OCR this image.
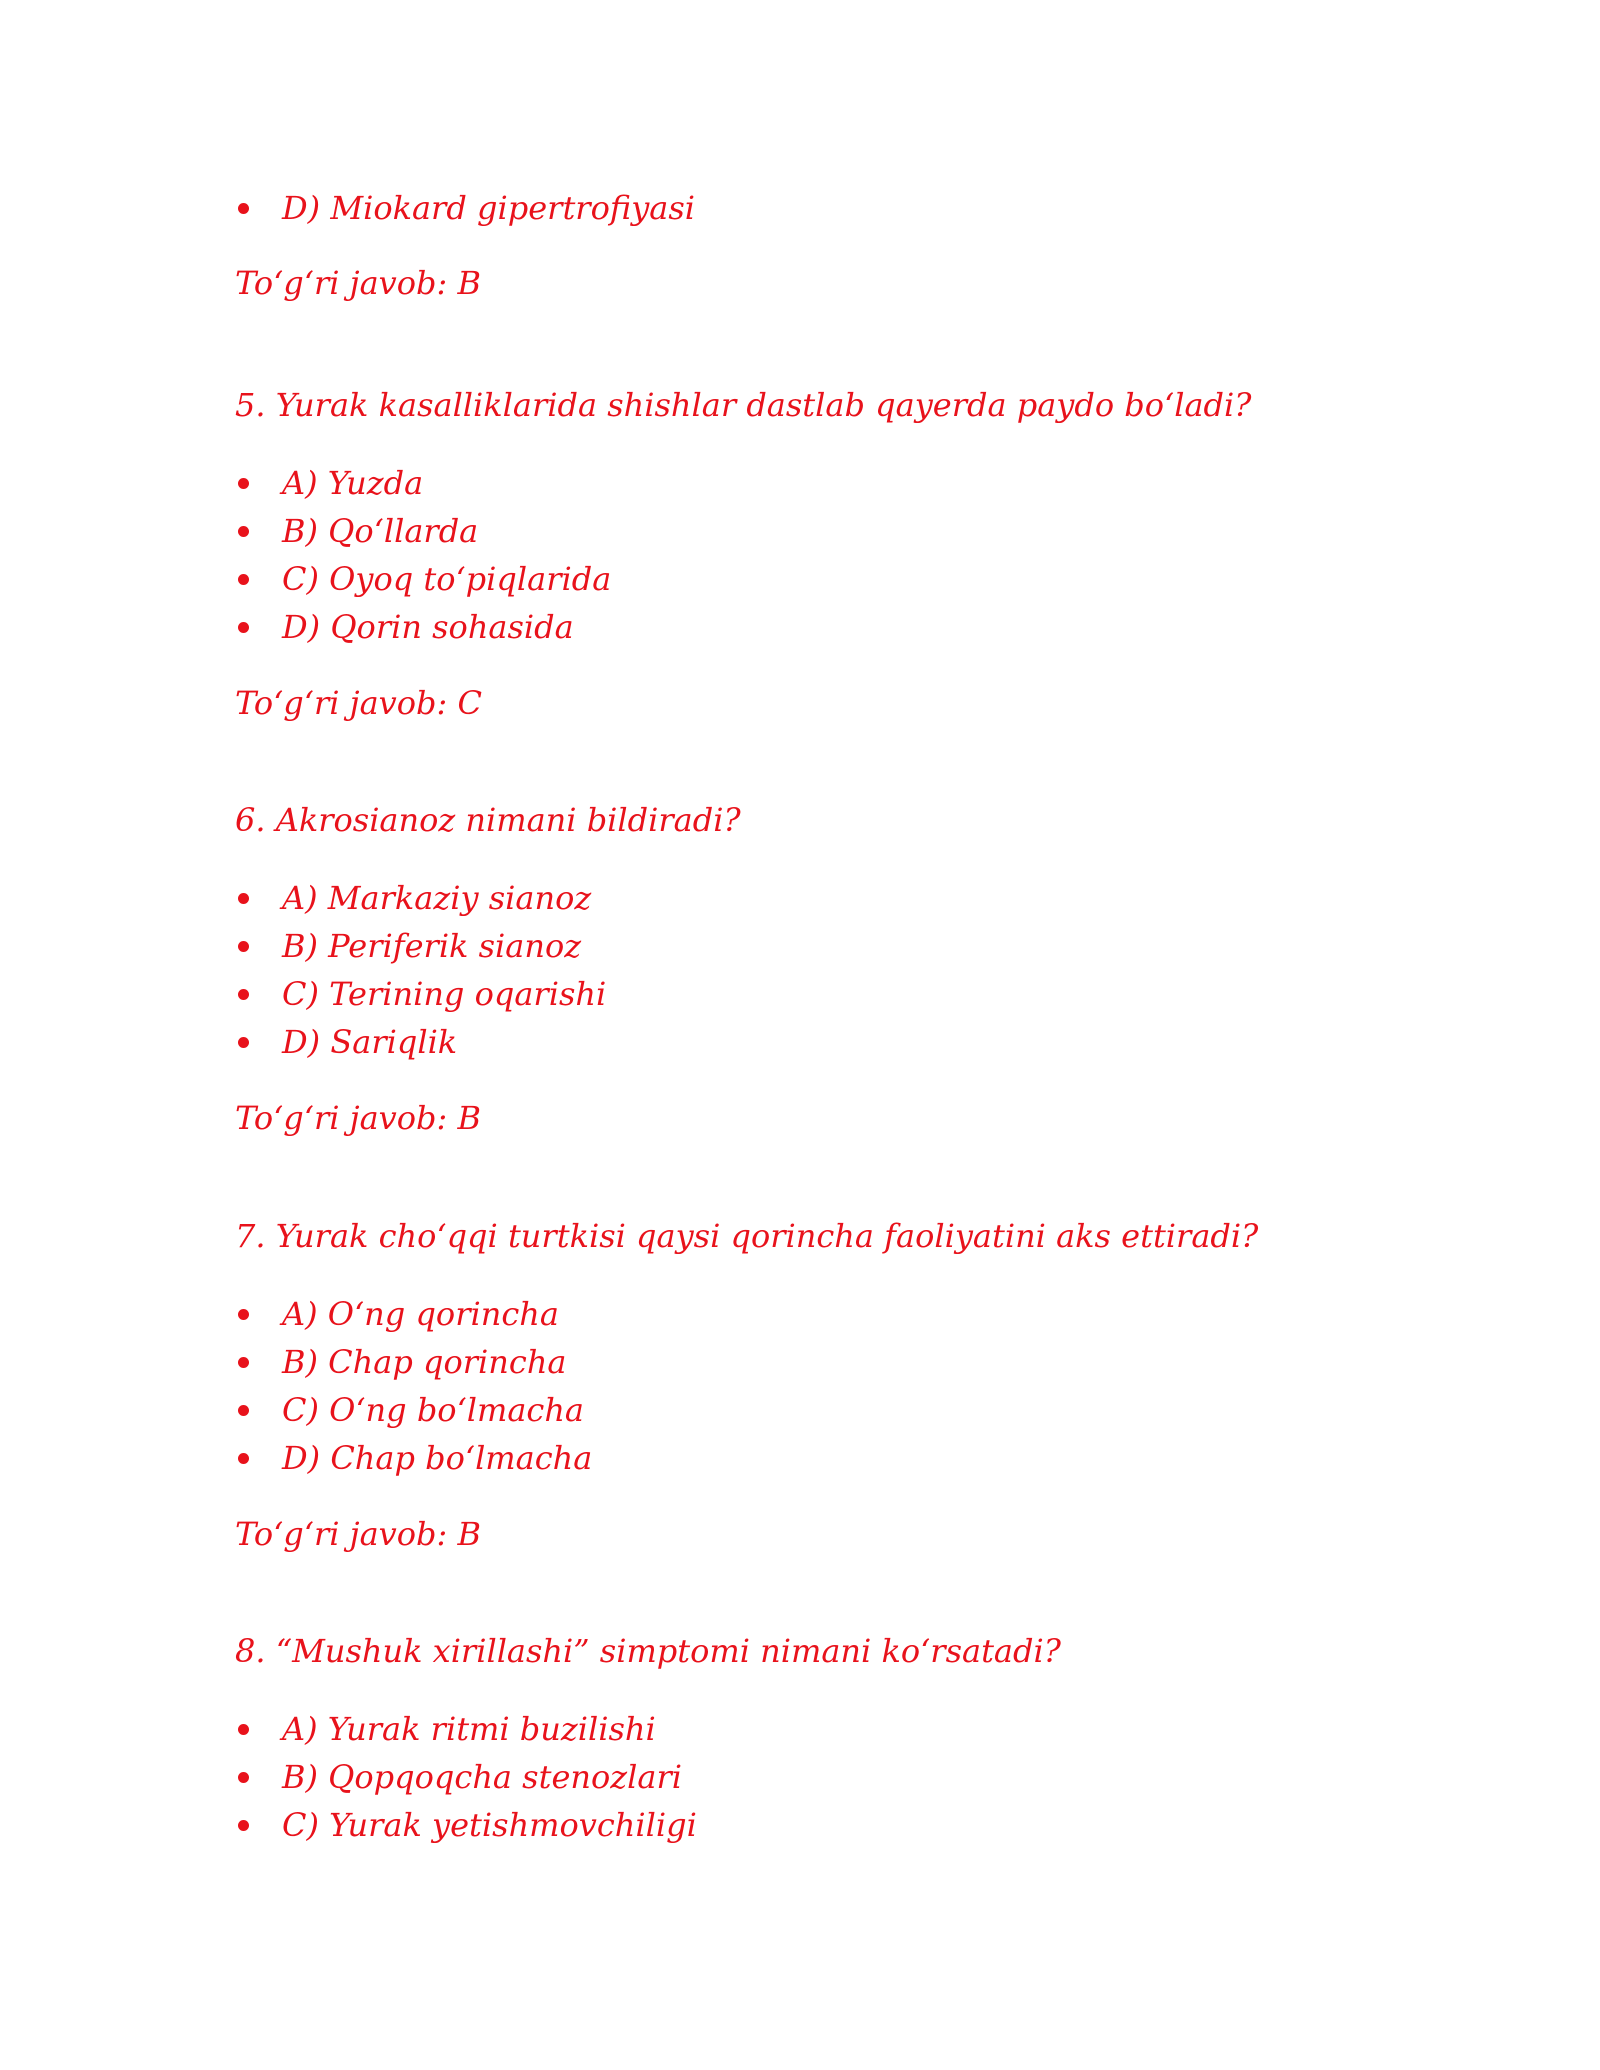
D) Miokard gipertrofiyasi
To‘g‘ri javob: B
5. Yurak kasalliklarida shishlar dastlab qayerda paydo bo‘ladi?
A) Yuzda
B) Qo‘llarda
C) Oyoq to‘piqlarida
D) Qorin sohasida
To‘g‘ri javob: C
6. Akrosianoz nimani bildiradi?
A) Markaziy sianoz
B) Periferik sianoz
C) Terining oqarishi
D) Sariqlik
To‘g‘ri javob: B
7. Yurak cho‘qqi turtkisi qaysi qorincha faoliyatini aks ettiradi?
A) O‘ng qorincha
B) Chap qorincha
C) O‘ng bo‘lmacha
D) Chap bo‘lmacha
To‘g‘ri javob: B
8. “Mushuk xirillashi” simptomi nimani ko‘rsatadi?
A) Yurak ritmi buzilishi
B) Qopqoqcha stenozlari
C) Yurak yetishmovchiligi
